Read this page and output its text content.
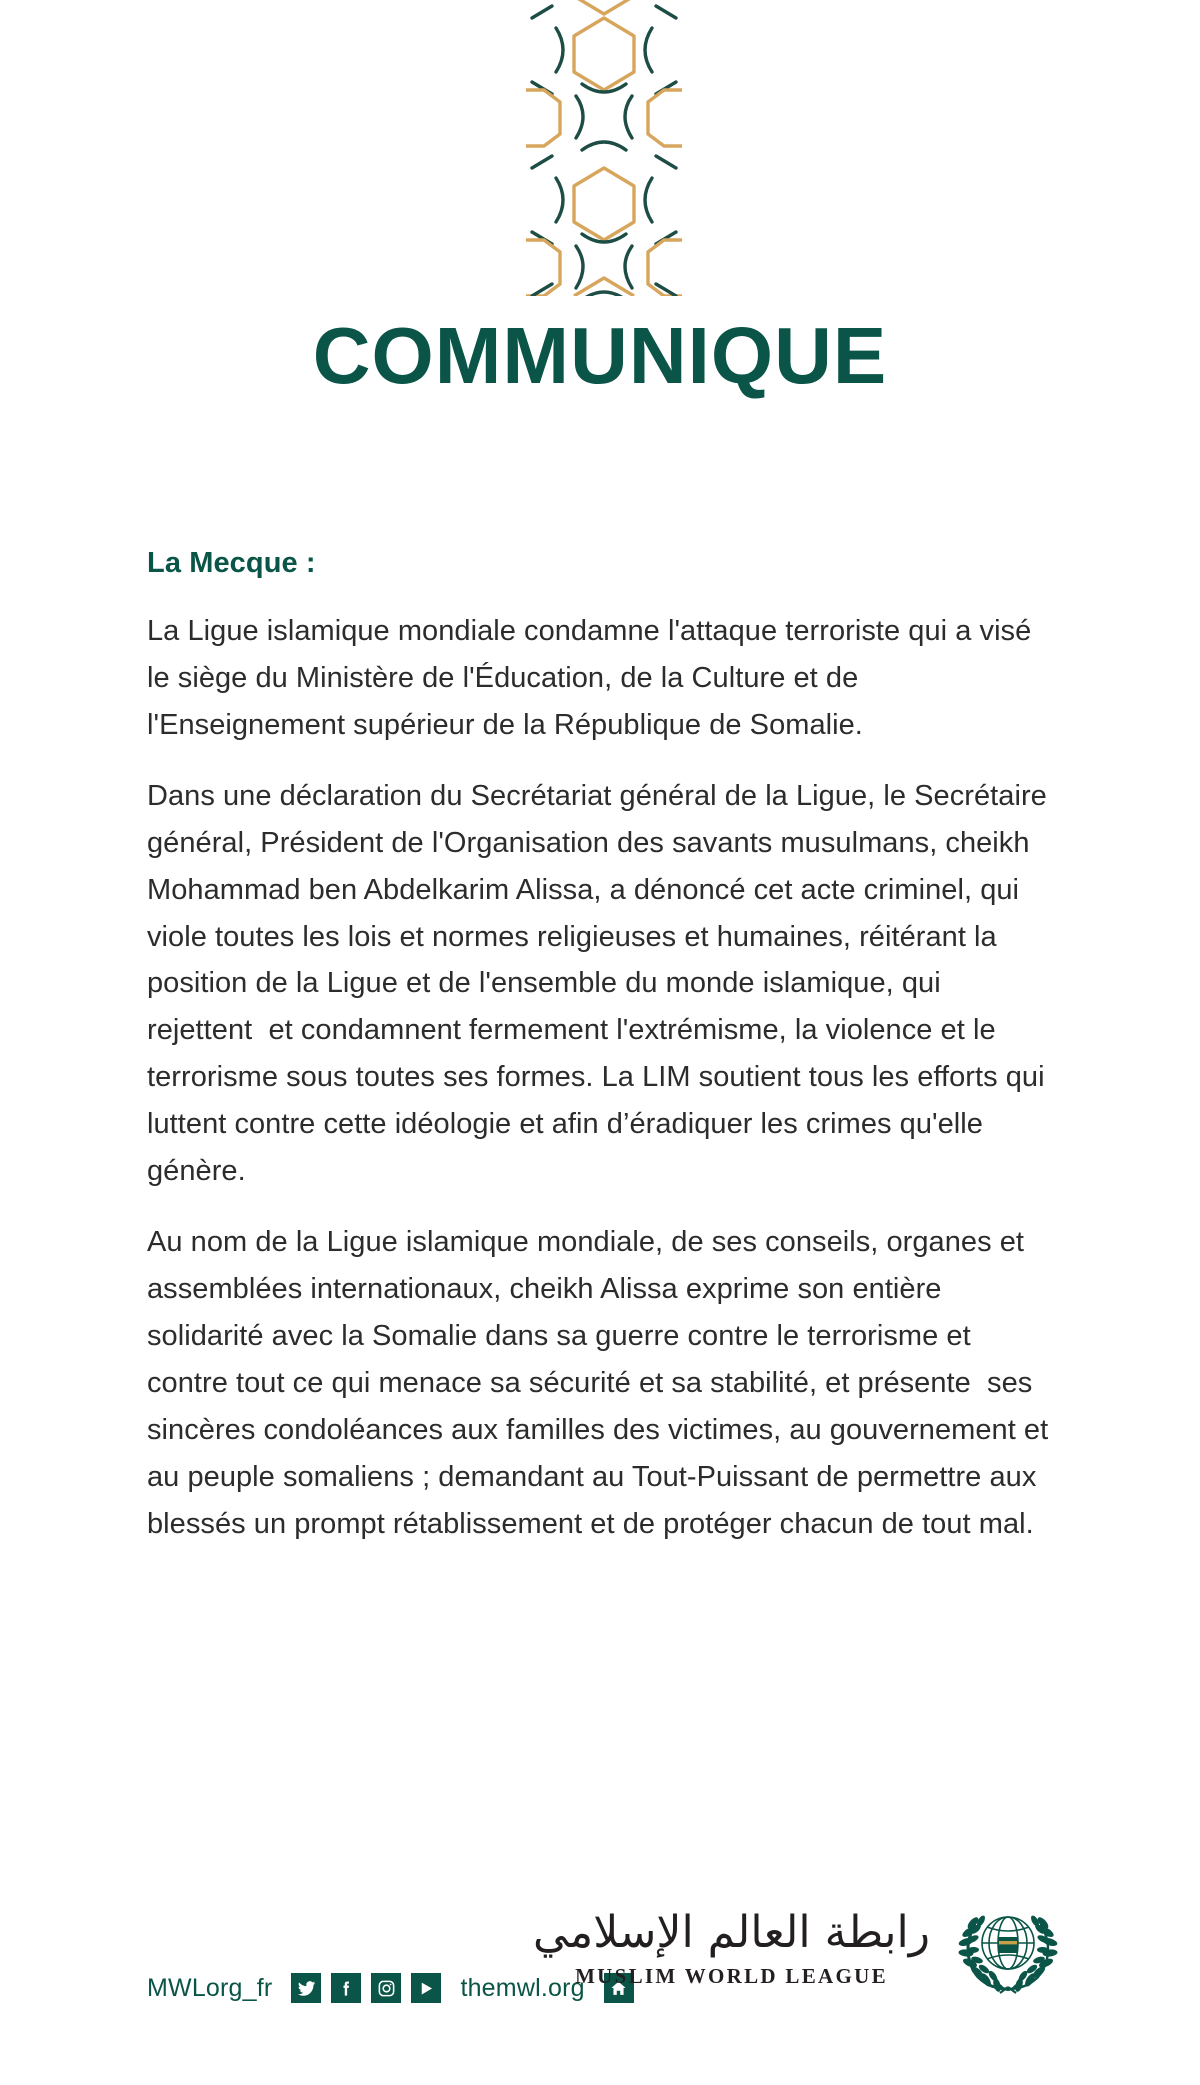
COMMUNIQUE
La Mecque :

La Ligue islamique mondiale condamne l'attaque terroriste qui a visé le siège du Ministère de l'Éducation, de la Culture et de l'Enseignement supérieur de la République de Somalie.

Dans une déclaration du Secrétariat général de la Ligue, le Secrétaire général, Président de l'Organisation des savants musulmans, cheikh Mohammad ben Abdelkarim Alissa, a dénoncé cet acte criminel, qui viole toutes les lois et normes religieuses et humaines, réitérant la position de la Ligue et de l'ensemble du monde islamique, qui rejettent  et condamnent fermement l'extrémisme, la violence et le terrorisme sous toutes ses formes. La LIM soutient tous les efforts qui luttent contre cette idéologie et afin d’éradiquer les crimes qu'elle génère.

Au nom de la Ligue islamique mondiale, de ses conseils, organes et assemblées internationaux, cheikh Alissa exprime son entière solidarité avec la Somalie dans sa guerre contre le terrorisme et contre tout ce qui menace sa sécurité et sa stabilité, et présente  ses sincères condoléances aux familles des victimes, au gouvernement et au peuple somaliens ; demandant au Tout-Puissant de permettre aux blessés un prompt rétablissement et de protéger chacun de tout mal.

MWLorg_fr	themwl.org
رابطة العالم الإسلامي
MUSLIM WORLD LEAGUE
